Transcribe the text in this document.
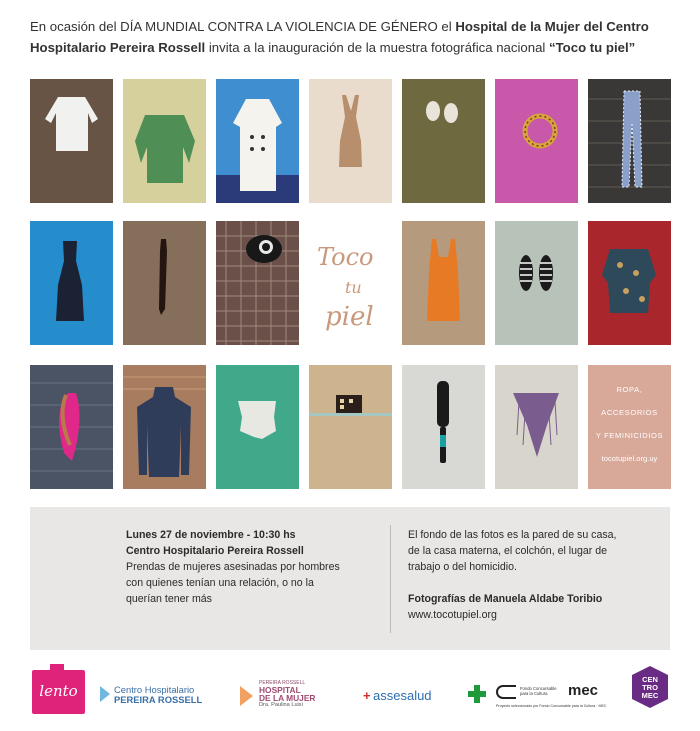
En ocasión del DÍA MUNDIAL CONTRA LA VIOLENCIA DE GÉNERO el Hospital de la Mujer del Centro
Hospitalario Pereira Rossell invita a la inauguración de la muestra fotográfica nacional “Toco tu piel”
Toco
tu
piel
ROPA,
ACCESORIOS
Y FEMINICIDIOS
tocotupiel.org.uy
Lunes 27 de noviembre - 10:30 hs
Centro Hospitalario Pereira Rossell
Prendas de mujeres asesinadas por hombres
con quienes tenían una relación, o no la
querían tener más
El fondo de las fotos es la pared de su casa,
de la casa materna, el colchón, el lugar de
trabajo o del homicidio.
Fotografías de Manuela Aldabe Toribio
www.tocotupiel.org
lento	Centro Hospitalario
PEREIRA ROSSELL
PEREIRA ROSSELL
HOSPITAL
DE LA MUJER
Dra. Paulina Luisi
+ assesalud	Fondo Concursable para la Cultura	mec
Proyecto seleccionado por Fondo Concursable para la Cultura · MEC
CEN
TRO
MEC
